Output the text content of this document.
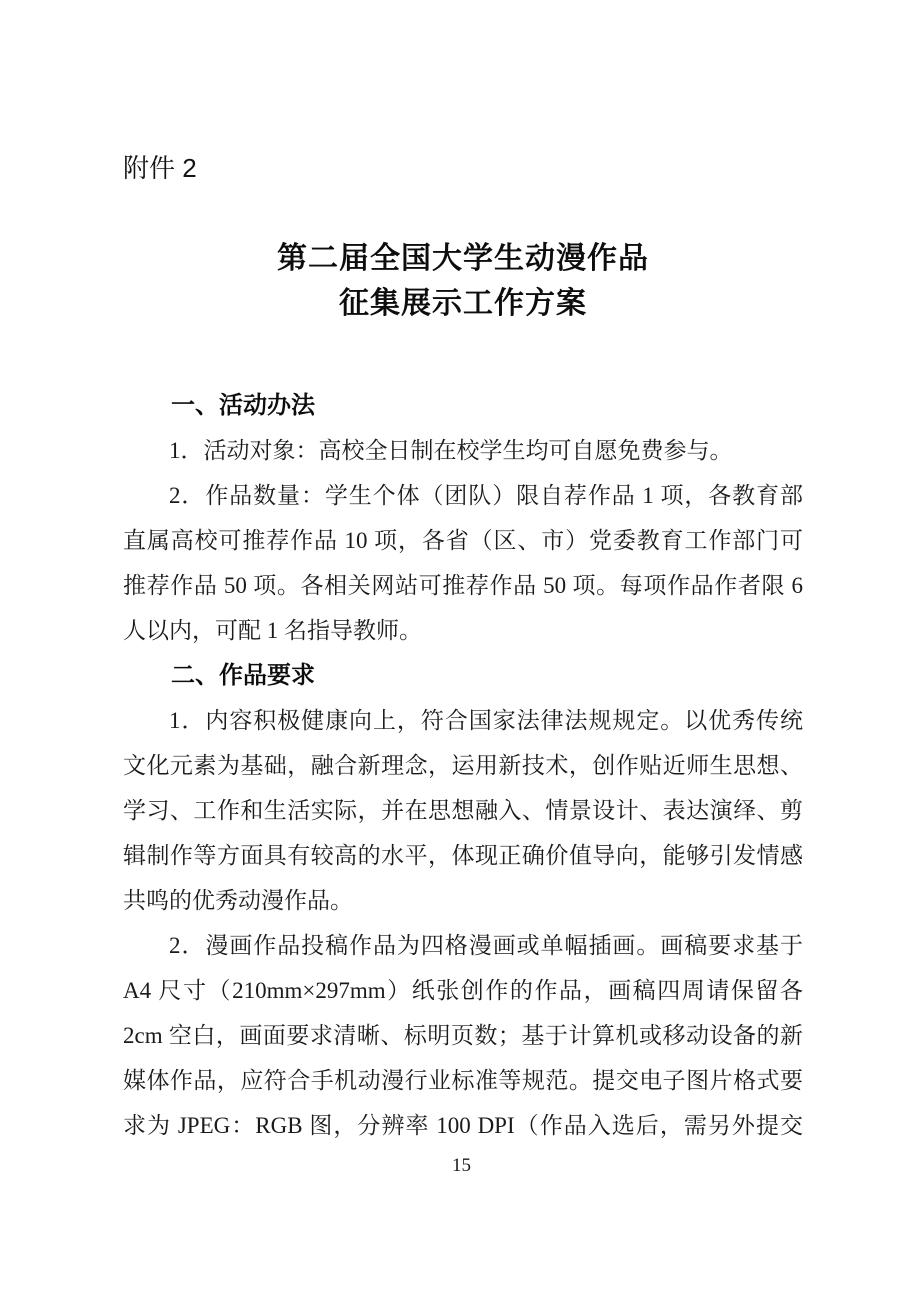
附件 2
第二届全国大学生动漫作品
征集展示工作方案
一、活动办法
1．活动对象：高校全日制在校学生均可自愿免费参与。
2．作品数量：学生个体（团队）限自荐作品 1 项，各教育部
直属高校可推荐作品 10 项，各省（区、市）党委教育工作部门可
推荐作品 50 项。各相关网站可推荐作品 50 项。每项作品作者限 6
人以内，可配 1 名指导教师。
二、作品要求
1．内容积极健康向上，符合国家法律法规规定。以优秀传统
文化元素为基础，融合新理念，运用新技术，创作贴近师生思想、
学习、工作和生活实际，并在思想融入、情景设计、表达演绎、剪
辑制作等方面具有较高的水平，体现正确价值导向，能够引发情感
共鸣的优秀动漫作品。
2．漫画作品投稿作品为四格漫画或单幅插画。画稿要求基于
A4 尺寸（210mm×297mm）纸张创作的作品，画稿四周请保留各
2cm 空白，画面要求清晰、标明页数；基于计算机或移动设备的新
媒体作品，应符合手机动漫行业标准等规范。提交电子图片格式要
求为 JPEG：RGB 图，分辨率 100 DPI（作品入选后，需另外提交
15
